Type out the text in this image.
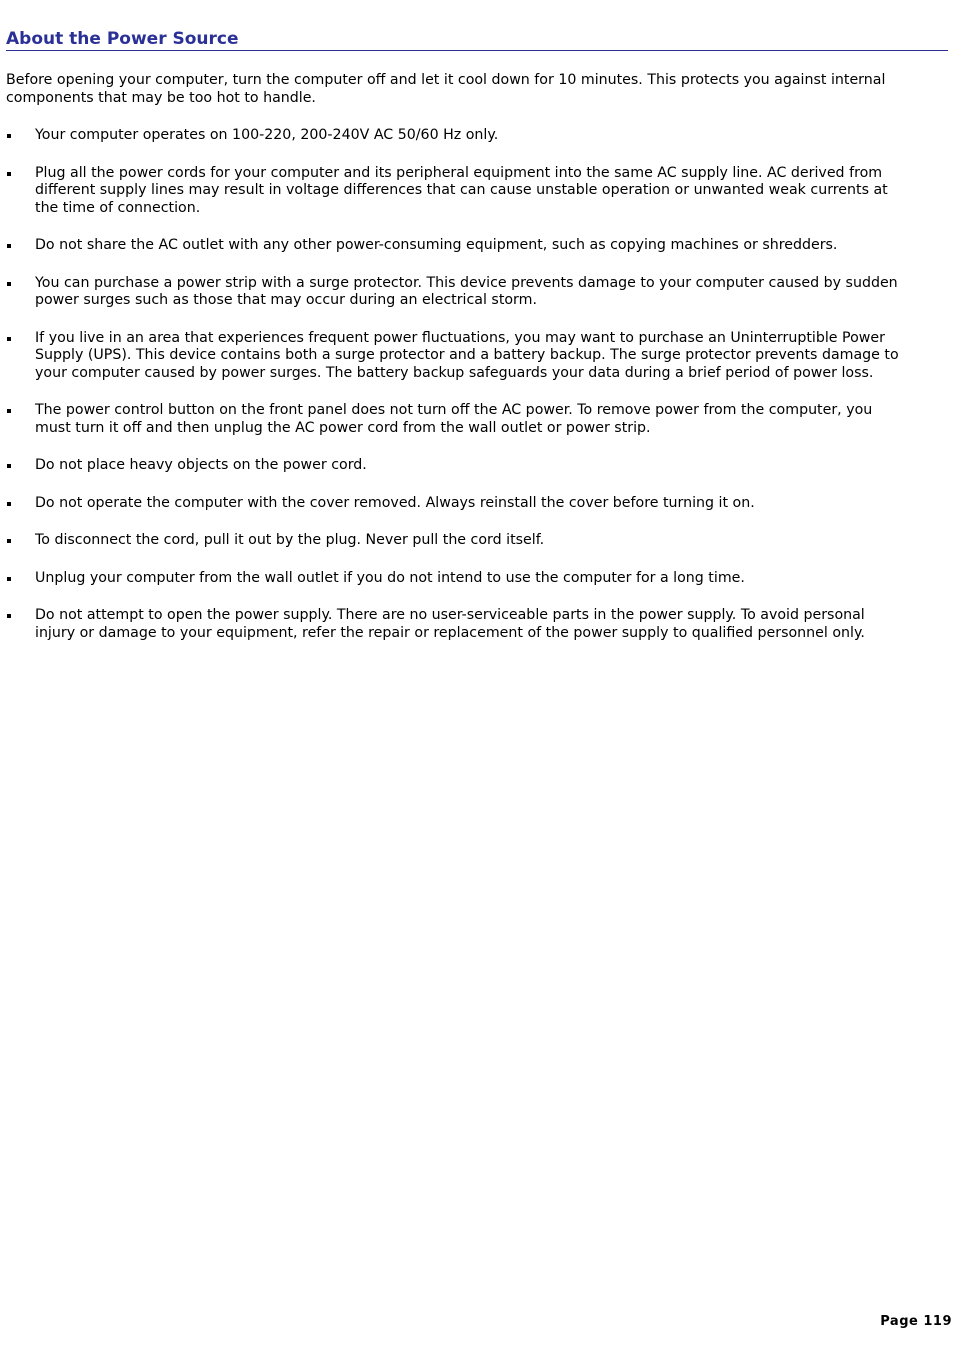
About the Power Source

Before opening your computer, turn the computer off and let it cool down for 10 minutes. This protects you against internal components that may be too hot to handle.

Your computer operates on 100-220, 200-240V AC 50/60 Hz only.
Plug all the power cords for your computer and its peripheral equipment into the same AC supply line. AC derived from different supply lines may result in voltage differences that can cause unstable operation or unwanted weak currents at the time of connection.
Do not share the AC outlet with any other power-consuming equipment, such as copying machines or shredders.
You can purchase a power strip with a surge protector. This device prevents damage to your computer caused by sudden power surges such as those that may occur during an electrical storm.
If you live in an area that experiences frequent power fluctuations, you may want to purchase an Uninterruptible Power Supply (UPS). This device contains both a surge protector and a battery backup. The surge protector prevents damage to your computer caused by power surges. The battery backup safeguards your data during a brief period of power loss.
The power control button on the front panel does not turn off the AC power. To remove power from the computer, you must turn it off and then unplug the AC power cord from the wall outlet or power strip.
Do not place heavy objects on the power cord.
Do not operate the computer with the cover removed. Always reinstall the cover before turning it on.
To disconnect the cord, pull it out by the plug. Never pull the cord itself.
Unplug your computer from the wall outlet if you do not intend to use the computer for a long time.
Do not attempt to open the power supply. There are no user-serviceable parts in the power supply. To avoid personal injury or damage to your equipment, refer the repair or replacement of the power supply to qualified personnel only.
Page 119
